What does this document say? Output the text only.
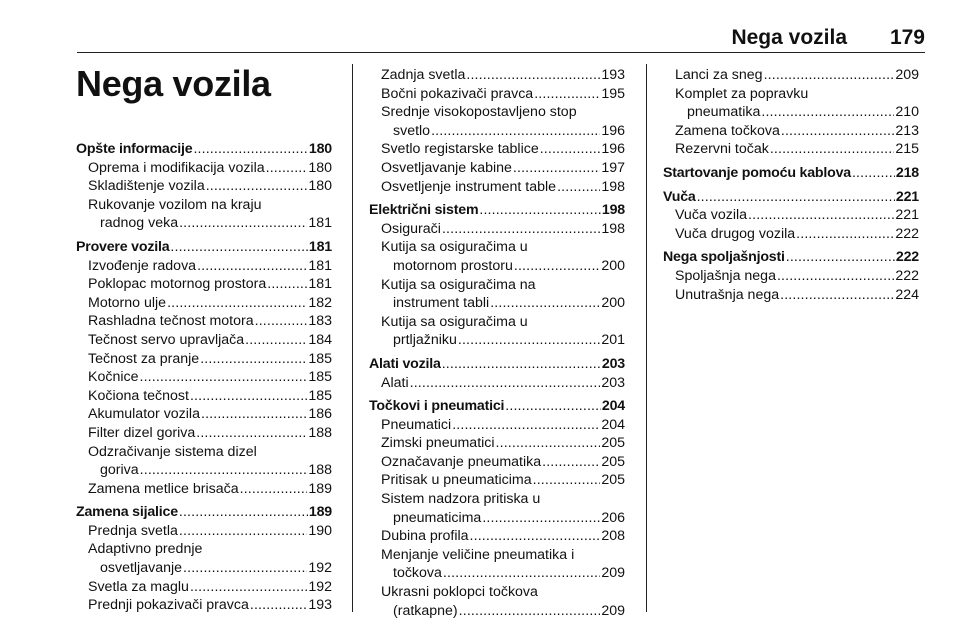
Nega vozila 179
Nega vozila
Opšte informacije . . .	180
Oprema i modifikacija vozila . . .	180
Skladištenje vozila . . .	180
Rukovanje vozilom na kraju
radnog veka . . .	181
Provere vozila . . .	181
Izvođenje radova . . .	181
Poklopac motornog prostora . . .	181
Motorno ulje . . .	182
Rashladna tečnost motora . . .	183
Tečnost servo upravljača . . .	184
Tečnost za pranje . . .	185
Kočnice . . .	185
Kočiona tečnost . . .	185
Akumulator vozila . . .	186
Filter dizel goriva . . .	188
Odzračivanje sistema dizel
goriva . . .	188
Zamena metlice brisača . . .	189
Zamena sijalice . . .	189
Prednja svetla . . .	190
Adaptivno prednje
osvetljavanje . . .	192
Svetla za maglu . . .	192
Prednji pokazivači pravca . . .	193
Zadnja svetla . . .	193
Bočni pokazivači pravca . . .	195
Srednje visokopostavljeno stop
svetlo . . .	196
Svetlo registarske tablice . . .	196
Osvetljavanje kabine . . .	197
Osvetljenje instrument table . . .	198
Električni sistem . . .	198
Osigurači . . .	198
Kutija sa osiguračima u
motornom prostoru . . .	200
Kutija sa osiguračima na
instrument tabli . . .	200
Kutija sa osiguračima u
prtljažniku . . .	201
Alati vozila . . .	203
Alati . . .	203
Točkovi i pneumatici . . .	204
Pneumatici . . .	204
Zimski pneumatici . . .	205
Označavanje pneumatika . . .	205
Pritisak u pneumaticima . . .	205
Sistem nadzora pritiska u
pneumaticima . . .	206
Dubina profila . . .	208
Menjanje veličine pneumatika i
točkova . . .	209
Ukrasni poklopci točkova
(ratkapne) . . .	209
Lanci za sneg . . .	209
Komplet za popravku
pneumatika . . .	210
Zamena točkova . . .	213
Rezervni točak . . .	215
Startovanje pomoću kablova . . .	218
Vuča . . .	221
Vuča vozila . . .	221
Vuča drugog vozila . . .	222
Nega spoljašnjosti . . .	222
Spoljašnja nega . . .	222
Unutrašnja nega . . .	224
